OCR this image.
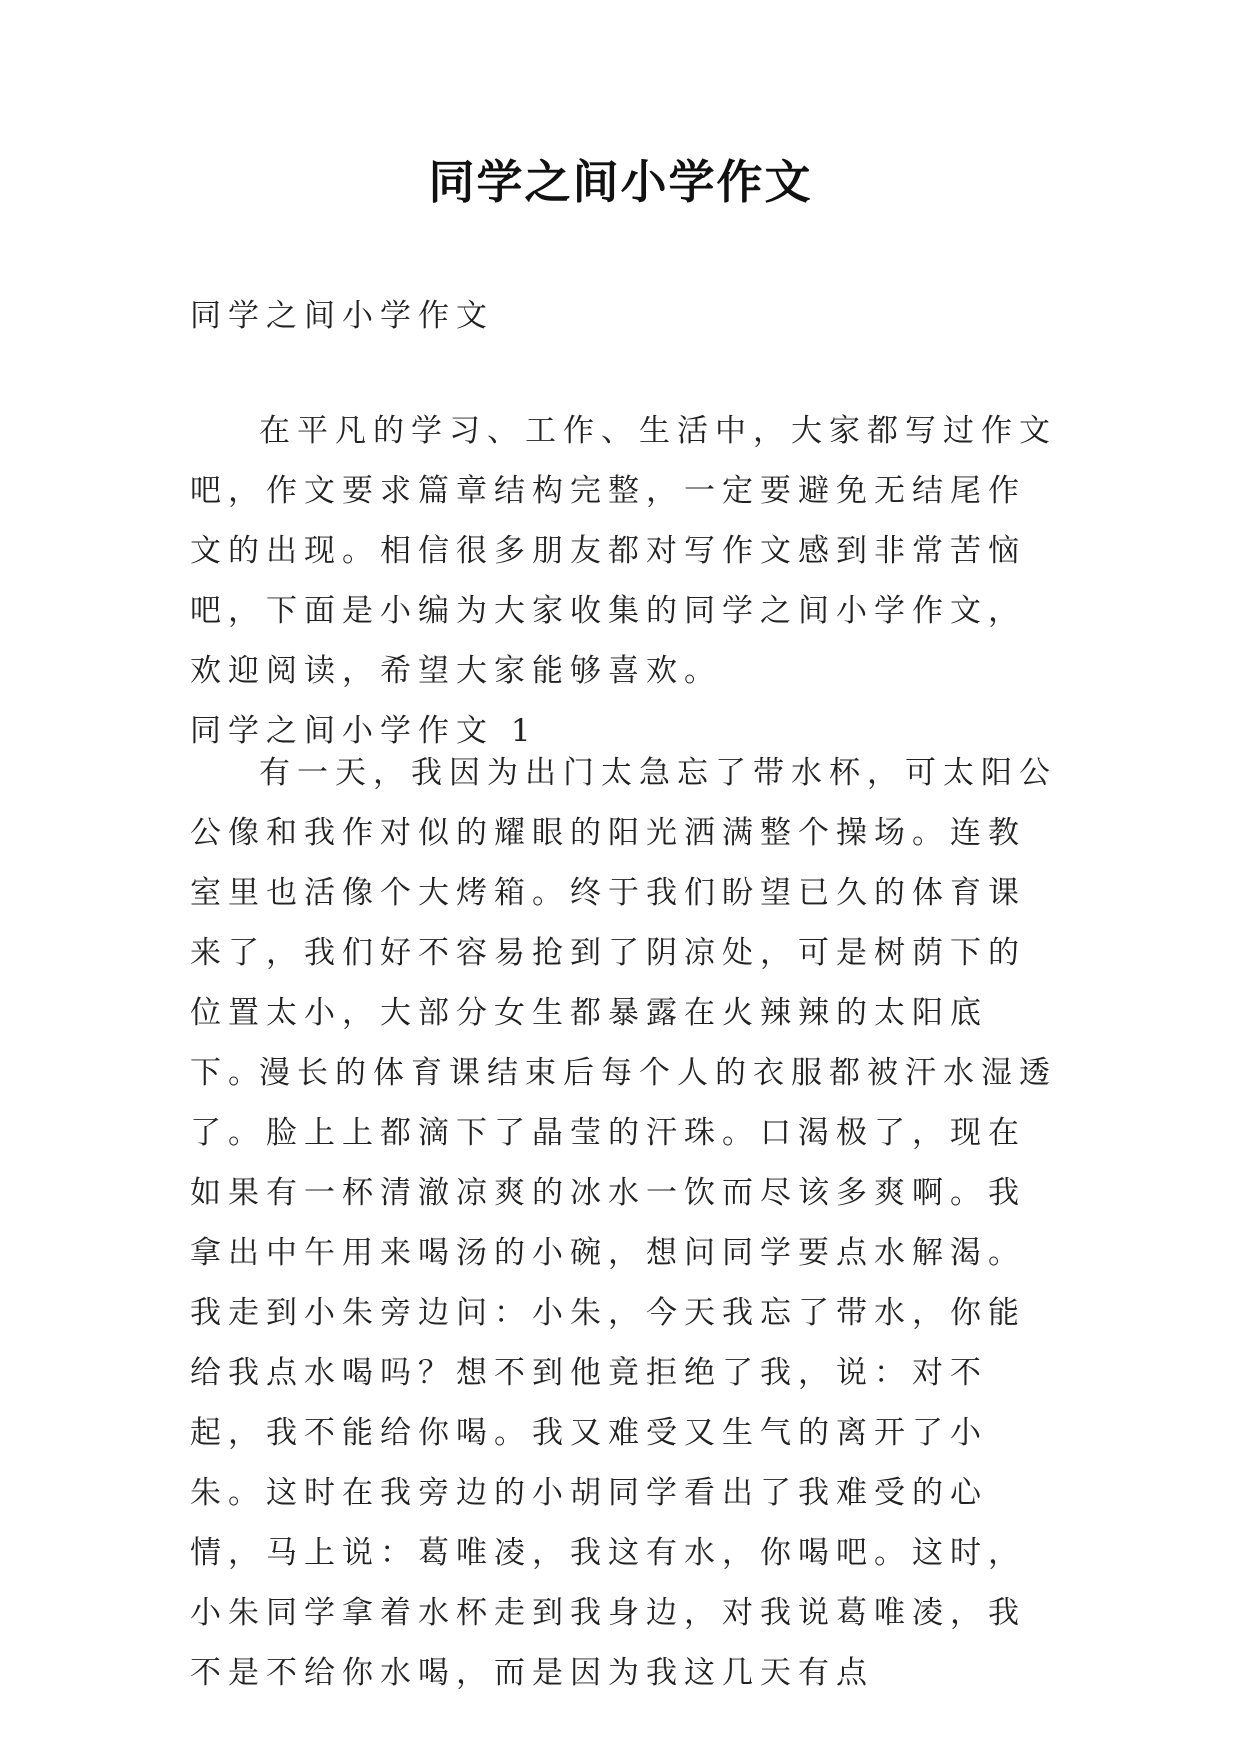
同学之间小学作文

同学之间小学作文

在平凡的学习、工作、生活中，大家都写过作文吧，作文要求篇章结构完整，一定要避免无结尾作文的出现。相信很多朋友都对写作文感到非常苦恼吧，下面是小编为大家收集的同学之间小学作文，欢迎阅读，希望大家能够喜欢。

同学之间小学作文 1

有一天，我因为出门太急忘了带水杯，可太阳公公像和我作对似的耀眼的阳光洒满整个操场。连教室里也活像个大烤箱。终于我们盼望已久的体育课来了，我们好不容易抢到了阴凉处，可是树荫下的位置太小，大部分女生都暴露在火辣辣的太阳底下。

漫长的体育课结束后每个人的衣服都被汗水湿透了。脸上上都滴下了晶莹的汗珠。口渴极了，现在如果有一杯清澈凉爽的冰水一饮而尽该多爽啊。我拿出中午用来喝汤的小碗，想问同学要点水解渴。我走到小朱旁边问：小朱，今天我忘了带水，你能给我点水喝吗？想不到他竟拒绝了我，说：对不起，我不能给你喝。我又难受又生气的离开了小朱。这时在我旁边的小胡同学看出了我难受的心情，马上说：葛唯凌，我这有水，你喝吧。这时，小朱同学拿着水杯走到我身边，对我说葛唯凌，我不是不给你水喝，而是因为我这几天有点
